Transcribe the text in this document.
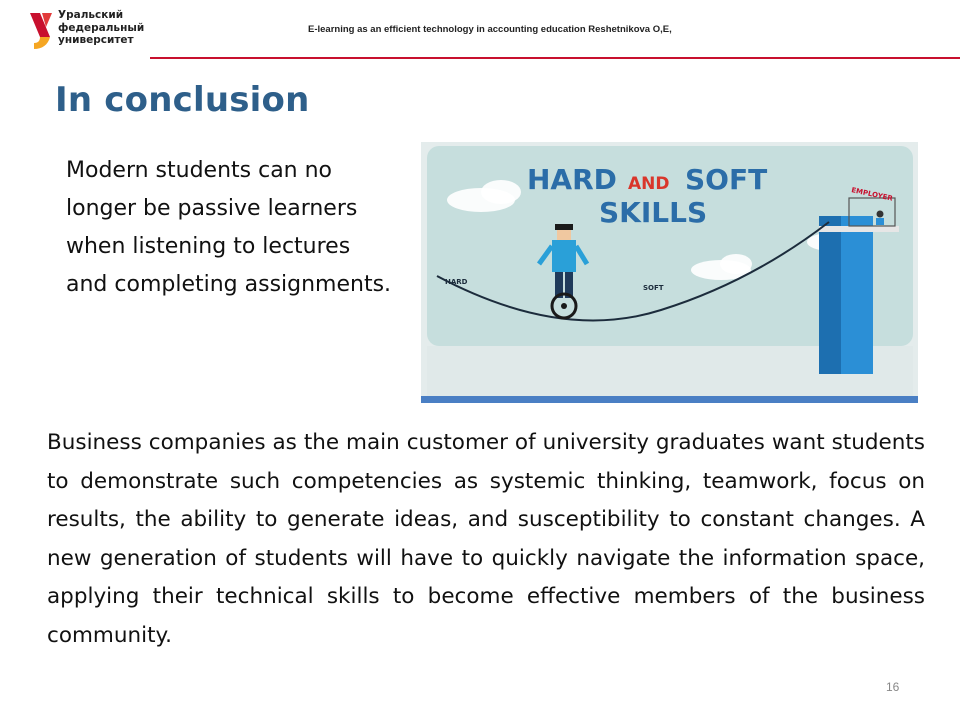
Уральский
федеральный
университет
E-learning as an efficient technology in accounting education Reshetnikova O,E,
In conclusion
Modern students can no longer be passive learners when listening to lectures and completing assignments.
HARD AND SOFT
SKILLS
EMPLOYER
HARD
SOFT
Business companies as the main customer of university graduates want students to demonstrate such competencies as systemic thinking, teamwork, focus on results, the ability to generate ideas, and susceptibility to constant changes. A new generation of students will have to quickly navigate the information space, applying their technical skills to become effective members of the business community.
16
